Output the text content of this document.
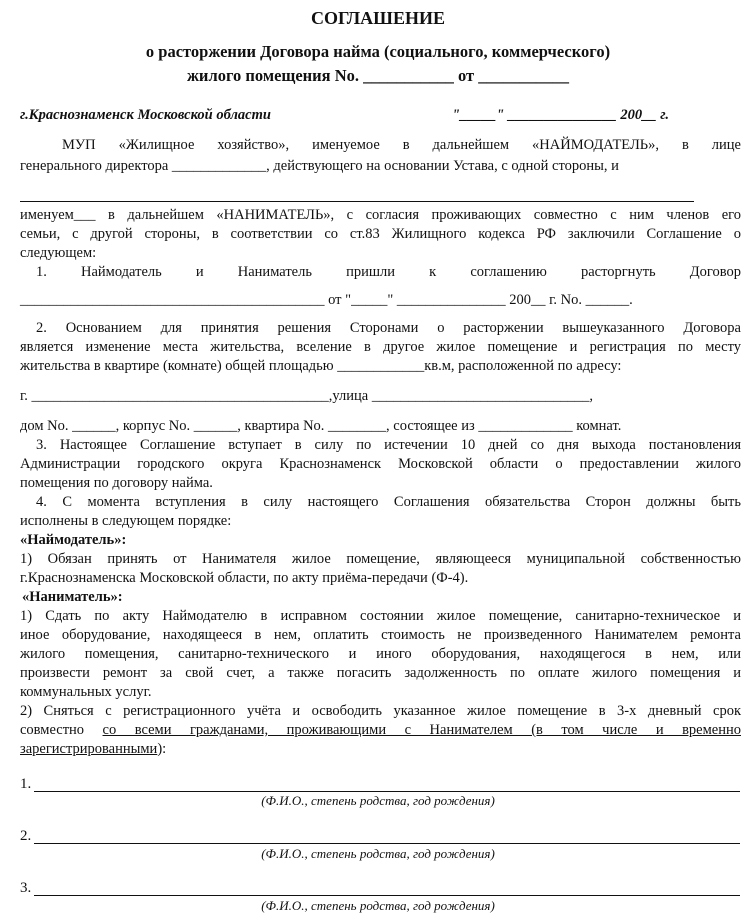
СОГЛАШЕНИЕ
о расторжении Договора найма (социального, коммерческого)
жилого помещения No. ___________ от ___________
г.Краснознаменск Московской области	"_____" _______________ 200__ г.
МУП «Жилищное хозяйство», именуемое в дальнейшем «НАЙМОДАТЕЛЬ», в лице
генерального директора _____________, действующего на основании Устава, с одной стороны, и
именуем___ в дальнейшем «НАНИМАТЕЛЬ», с согласия проживающих совместно с ним членов его
семьи, с другой стороны, в соответствии со ст.83 Жилищного кодекса РФ заключили Соглашение о
следующем:
1. Наймодатель и Наниматель пришли к соглашению расторгнуть Договор
__________________________________________ от "_____" _______________ 200__ г. No. ______.
2. Основанием для принятия решения Сторонами о расторжении вышеуказанного Договора
является изменение места жительства, вселение в другое жилое помещение и регистрация по месту
жительства в квартире (комнате) общей площадью ____________кв.м, расположенной по адресу:
г. _________________________________________,улица ______________________________,
дом No. ______, корпус No. ______, квартира No. ________, состоящее из _____________ комнат.
3. Настоящее Соглашение вступает в силу по истечении 10 дней со дня выхода постановления
Администрации городского округа Краснознаменск Московской области о предоставлении жилого
помещения по договору найма.
4. С момента вступления в силу настоящего Соглашения обязательства Сторон должны быть
исполнены в следующем порядке:
«Наймодатель»:
1) Обязан принять от Нанимателя жилое помещение, являющееся муниципальной собственностью
г.Краснознаменска Московской области, по акту приёма-передачи (Ф-4).
«Наниматель»:
1) Сдать по акту Наймодателю в исправном состоянии жилое помещение, санитарно-техническое и
иное оборудование, находящееся в нем, оплатить стоимость не произведенного Нанимателем ремонта
жилого помещения, санитарно-технического и иного оборудования, находящегося в нем, или
произвести ремонт за свой счет, а также погасить задолженность по оплате жилого помещения и
коммунальных услуг.
2) Сняться с регистрационного учёта и освободить указанное жилое помещение в 3-х дневный срок
совместно со всеми гражданами, проживающими с Нанимателем (в том числе и временно
зарегистрированными):
1.
(Ф.И.О., степень родства, год рождения)
2.
(Ф.И.О., степень родства, год рождения)
3.
(Ф.И.О., степень родства, год рождения)
